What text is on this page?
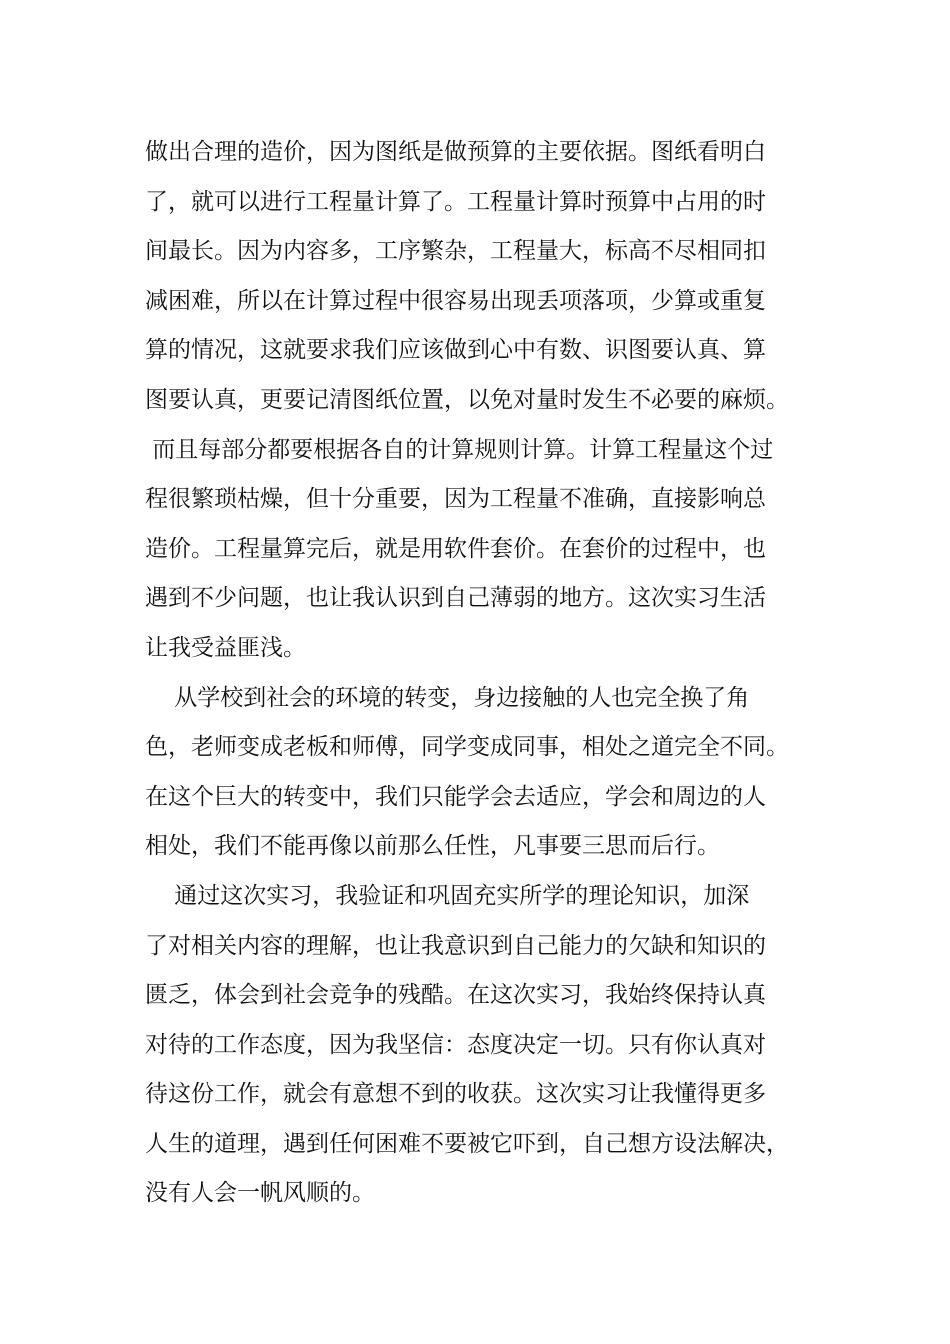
做出合理的造价，因为图纸是做预算的主要依据。图纸看明白
了，就可以进行工程量计算了。工程量计算时预算中占用的时
间最长。因为内容多，工序繁杂，工程量大，标高不尽相同扣
减困难，所以在计算过程中很容易出现丢项落项，少算或重复
算的情况，这就要求我们应该做到心中有数、识图要认真、算
图要认真，更要记清图纸位置，以免对量时发生不必要的麻烦。
而且每部分都要根据各自的计算规则计算。计算工程量这个过
程很繁琐枯燥，但十分重要，因为工程量不准确，直接影响总
造价。工程量算完后，就是用软件套价。在套价的过程中，也
遇到不少问题，也让我认识到自己薄弱的地方。这次实习生活
让我受益匪浅。
从学校到社会的环境的转变，身边接触的人也完全换了角
色，老师变成老板和师傅，同学变成同事，相处之道完全不同。
在这个巨大的转变中，我们只能学会去适应，学会和周边的人
相处，我们不能再像以前那么任性，凡事要三思而后行。
通过这次实习，我验证和巩固充实所学的理论知识，加深
了对相关内容的理解，也让我意识到自己能力的欠缺和知识的
匮乏，体会到社会竞争的残酷。在这次实习，我始终保持认真
对待的工作态度，因为我坚信：态度决定一切。只有你认真对
待这份工作，就会有意想不到的收获。这次实习让我懂得更多
人生的道理，遇到任何困难不要被它吓到，自己想方设法解决，
没有人会一帆风顺的。
